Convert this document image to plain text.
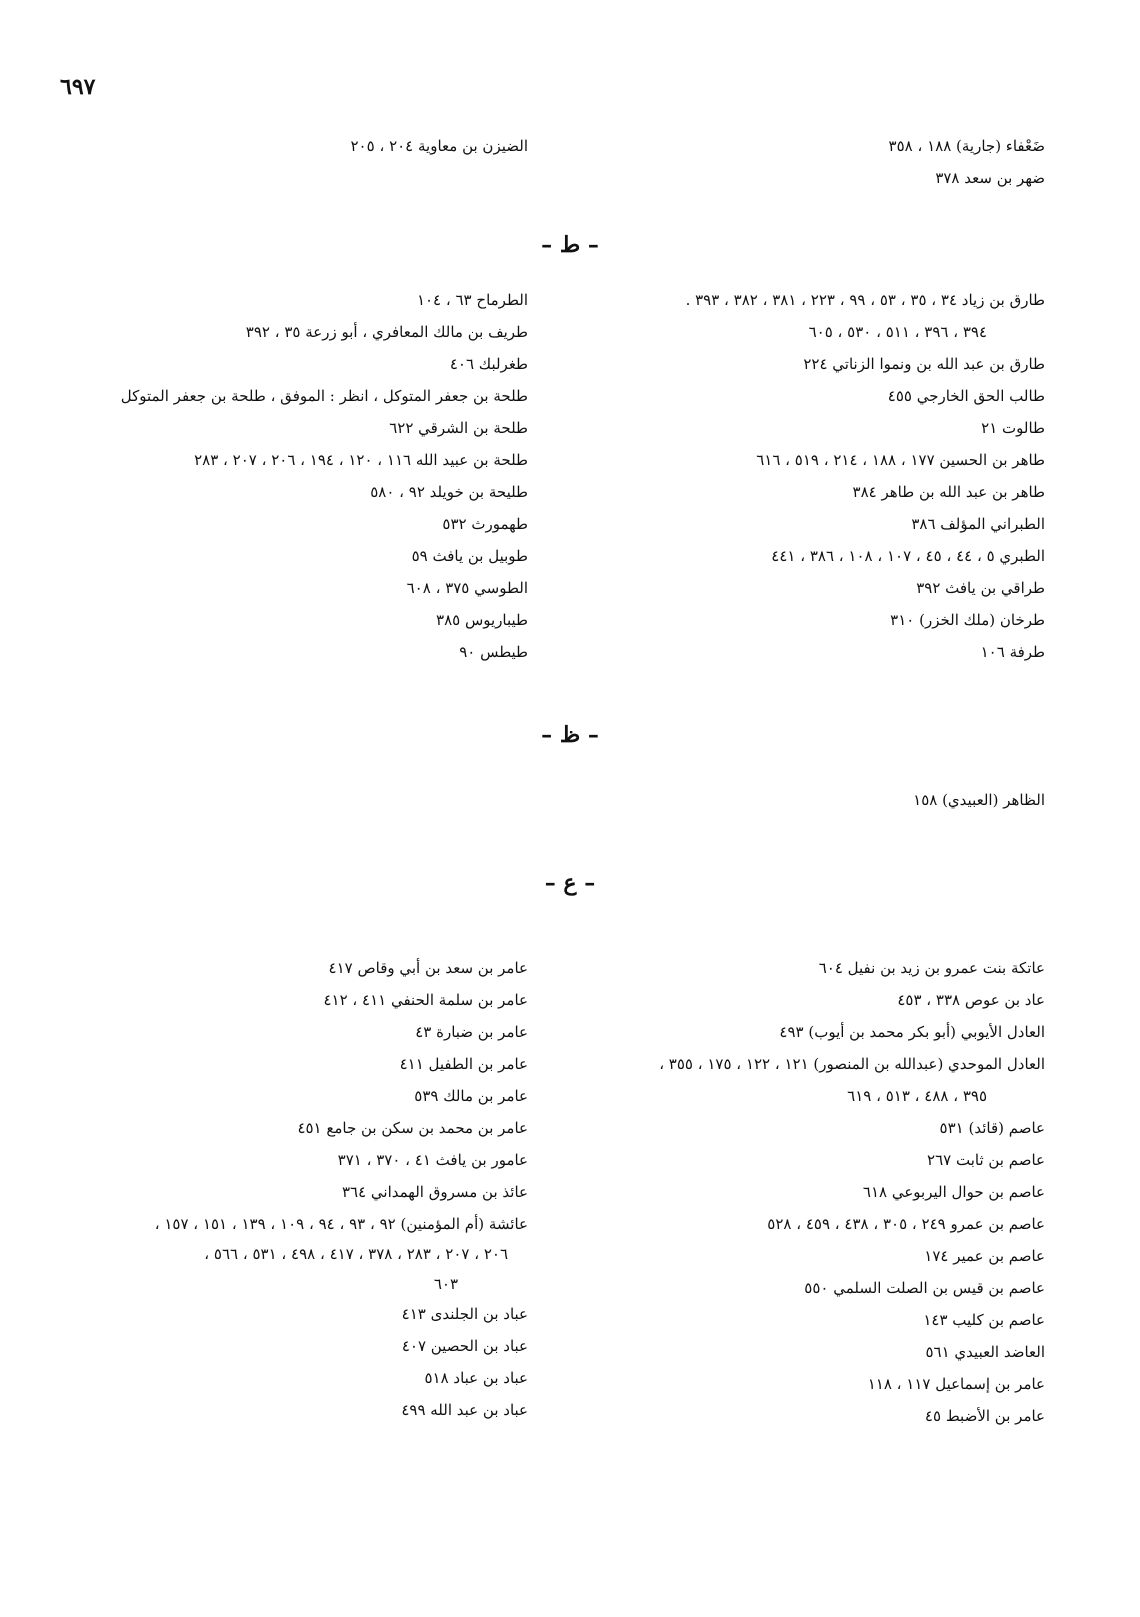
٦٩٧
ضَعْفاء (جارية) ١٨٨ ، ٣٥٨
ضهر بن سعد ٣٧٨
الضيزن بن معاوية ٢٠٤ ، ٢٠٥
– ط –
طارق بن زياد ٣٤ ، ٣٥ ، ٥٣ ، ٩٩ ، ٢٢٣ ، ٣٨١ ، ٣٨٢ ، ٣٩٣ .
٣٩٤ ، ٣٩٦ ، ٥١١ ، ٥٣٠ ، ٦٠٥
طارق بن عبد الله بن ونموا الزناتي ٢٢٤
طالب الحق الخارجي ٤٥٥
طالوت ٢١
طاهر بن الحسين ١٧٧ ، ١٨٨ ، ٢١٤ ، ٥١٩ ، ٦١٦
طاهر بن عبد الله بن طاهر ٣٨٤
الطبراني المؤلف ٣٨٦
الطبري ٥ ، ٤٤ ، ٤٥ ، ١٠٧ ، ١٠٨ ، ٣٨٦ ، ٤٤١
طراقي بن يافث ٣٩٢
طرخان (ملك الخزر) ٣١٠
طرفة ١٠٦
الطرماح ٦٣ ، ١٠٤
طريف بن مالك المعافري ، أبو زرعة ٣٥ ، ٣٩٢
طغرلبك ٤٠٦
طلحة بن جعفر المتوكل ، انظر : الموفق ، طلحة بن جعفر المتوكل
طلحة بن الشرقي ٦٢٢
طلحة بن عبيد الله ١١٦ ، ١٢٠ ، ١٩٤ ، ٢٠٦ ، ٢٠٧ ، ٢٨٣
طليحة بن خويلد ٩٢ ، ٥٨٠
طهمورث ٥٣٢
طوبيل بن يافث ٥٩
الطوسي ٣٧٥ ، ٦٠٨
طيباريوس ٣٨٥
طيطس ٩٠
– ظ –
الظاهر (العبيدي) ١٥٨
– ع –
عاتكة بنت عمرو بن زيد بن نفيل ٦٠٤
عاد بن عوص ٣٣٨ ، ٤٥٣
العادل الأيوبي (أبو بكر محمد بن أيوب) ٤٩٣
العادل الموحدي (عبدالله بن المنصور) ١٢١ ، ١٢٢ ، ١٧٥ ، ٣٥٥ ،
٣٩٥ ، ٤٨٨ ، ٥١٣ ، ٦١٩
عاصم (قائد) ٥٣١
عاصم بن ثابت ٢٦٧
عاصم بن حوال اليربوعي ٦١٨
عاصم بن عمرو ٢٤٩ ، ٣٠٥ ، ٤٣٨ ، ٤٥٩ ، ٥٢٨
عاصم بن عمير ١٧٤
عاصم بن قيس بن الصلت السلمي ٥٥٠
عاصم بن كليب ١٤٣
العاضد العبيدي ٥٦١
عامر بن إسماعيل ١١٧ ، ١١٨
عامر بن الأضبط ٤٥
عامر بن سعد بن أبي وقاص ٤١٧
عامر بن سلمة الحنفي ٤١١ ، ٤١٢
عامر بن ضبارة ٤٣
عامر بن الطفيل ٤١١
عامر بن مالك ٥٣٩
عامر بن محمد بن سكن بن جامع ٤٥١
عامور بن يافث ٤١ ، ٣٧٠ ، ٣٧١
عائذ بن مسروق الهمداني ٣٦٤
عائشة (أم المؤمنين) ٩٢ ، ٩٣ ، ٩٤ ، ١٠٩ ، ١٣٩ ، ١٥١ ، ١٥٧ ،
٢٠٦ ، ٢٠٧ ، ٢٨٣ ، ٣٧٨ ، ٤١٧ ، ٤٩٨ ، ٥٣١ ، ٥٦٦ ،
٦٠٣
عباد بن الجلندى ٤١٣
عباد بن الحصين ٤٠٧
عباد بن عباد ٥١٨
عباد بن عبد الله ٤٩٩
